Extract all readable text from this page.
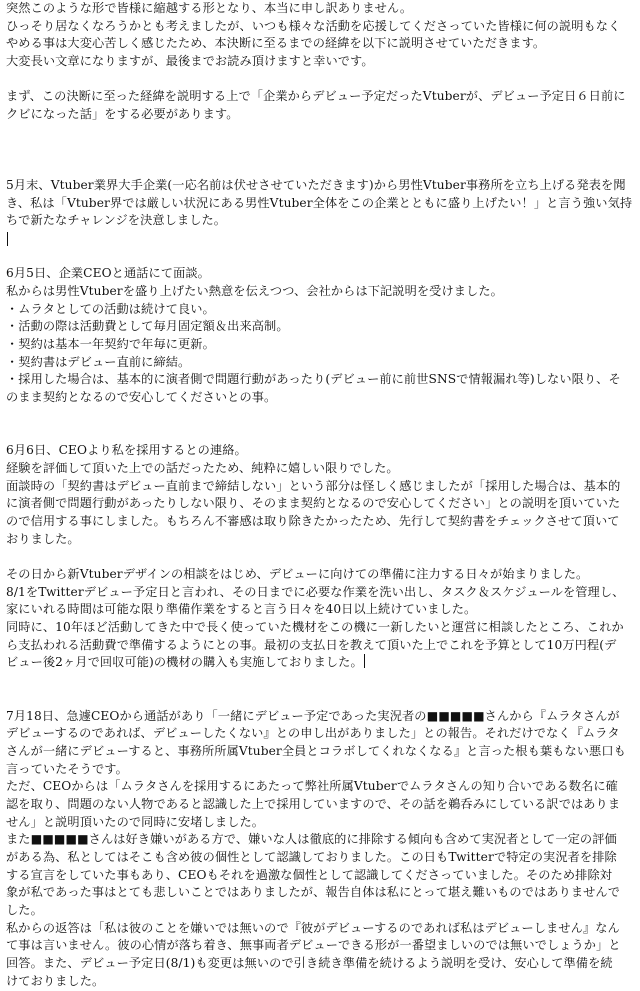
突然このような形で皆様に縮越する形となり、本当に申し訳ありません。
ひっそり居なくなろうかとも考えましたが、いつも様々な活動を応援してくださっていた皆様に何の説明もなく
やめる事は大変心苦しく感じたため、本決断に至るまでの経緯を以下に説明させていただきます。
大変長い文章になりますが、最後までお読み頂けますと幸いです。
まず、この決断に至った経緯を説明する上で「企業からデビュー予定だったVtuberが、デビュー予定日６日前に
クビになった話」をする必要があります。
5月末、Vtuber業界大手企業(一応名前は伏せさせていただきます)から男性Vtuber事務所を立ち上げる発表を聞
き、私は「Vtuber界では厳しい状況にある男性Vtuber全体をこの企業とともに盛り上げたい！」と言う強い気持
ちで新たなチャレンジを決意しました。
6月5日、企業CEOと通話にて面談。
私からは男性Vtuberを盛り上げたい熱意を伝えつつ、会社からは下記説明を受けました。
・ムラタとしての活動は続けて良い。
・活動の際は活動費として毎月固定額＆出来高制。
・契約は基本一年契約で年毎に更新。
・契約書はデビュー直前に締結。
・採用した場合は、基本的に演者側で問題行動があったり(デビュー前に前世SNSで情報漏れ等)しない限り、そ
のまま契約となるので安心してくださいとの事。
6月6日、CEOより私を採用するとの連絡。
経験を評価して頂いた上での話だったため、純粋に嬉しい限りでした。
面談時の「契約書はデビュー直前まで締結しない」という部分は怪しく感じましたが「採用した場合は、基本的
に演者側で問題行動があったりしない限り、そのまま契約となるので安心してください」との説明を頂いていた
ので信用する事にしました。もちろん不審感は取り除きたかったため、先行して契約書をチェックさせて頂いて
おりました。
その日から新Vtuberデザインの相談をはじめ、デビューに向けての準備に注力する日々が始まりました。
8/1をTwitterデビュー予定日と言われ、その日までに必要な作業を洗い出し、タスク＆スケジュールを管理し、
家にいれる時間は可能な限り準備作業をすると言う日々を40日以上続けていました。
同時に、10年ほど活動してきた中で長く使っていた機材をこの機に一新したいと運営に相談したところ、これか
ら支払われる活動費で準備するようにとの事。最初の支払日を教えて頂いた上でこれを予算として10万円程(デ
ビュー後2ヶ月で回収可能)の機材の購入も実施しておりました。
7月18日、急遽CEOから通話があり「一緒にデビュー予定であった実況者の■■■■■さんから『ムラタさんが
デビューするのであれば、デビューしたくない』との申し出がありました」との報告。それだけでなく『ムラタ
さんが一緒にデビューすると、事務所所属Vtuber全員とコラボしてくれなくなる』と言った根も葉もない悪口も
言っていたそうです。
ただ、CEOからは「ムラタさんを採用するにあたって弊社所属Vtuberでムラタさんの知り合いである数名に確
認を取り、問題のない人物であると認識した上で採用していますので、その話を鵜呑みにしている訳ではありま
せん」と説明頂いたので同時に安堵しました。
また■■■■■さんは好き嫌いがある方で、嫌いな人は徹底的に排除する傾向も含めて実況者として一定の評価
がある為、私としてはそこも含め彼の個性として認識しておりました。この日もTwitterで特定の実況者を排除
する宣言をしていた事もあり、CEOもそれを過激な個性として認識してくださっていました。そのため排除対
象が私であった事はとても悲しいことではありましたが、報告自体は私にとって堪え難いものではありませんで
した。
私からの返答は「私は彼のことを嫌いでは無いので『彼がデビューするのであれば私はデビューしません』なん
て事は言いません。彼の心情が落ち着き、無事両者デビューできる形が一番望ましいのでは無いでしょうか」と
回答。また、デビュー予定日(8/1)も変更は無いので引き続き準備を続けるよう説明を受け、安心して準備を続
けておりました。
